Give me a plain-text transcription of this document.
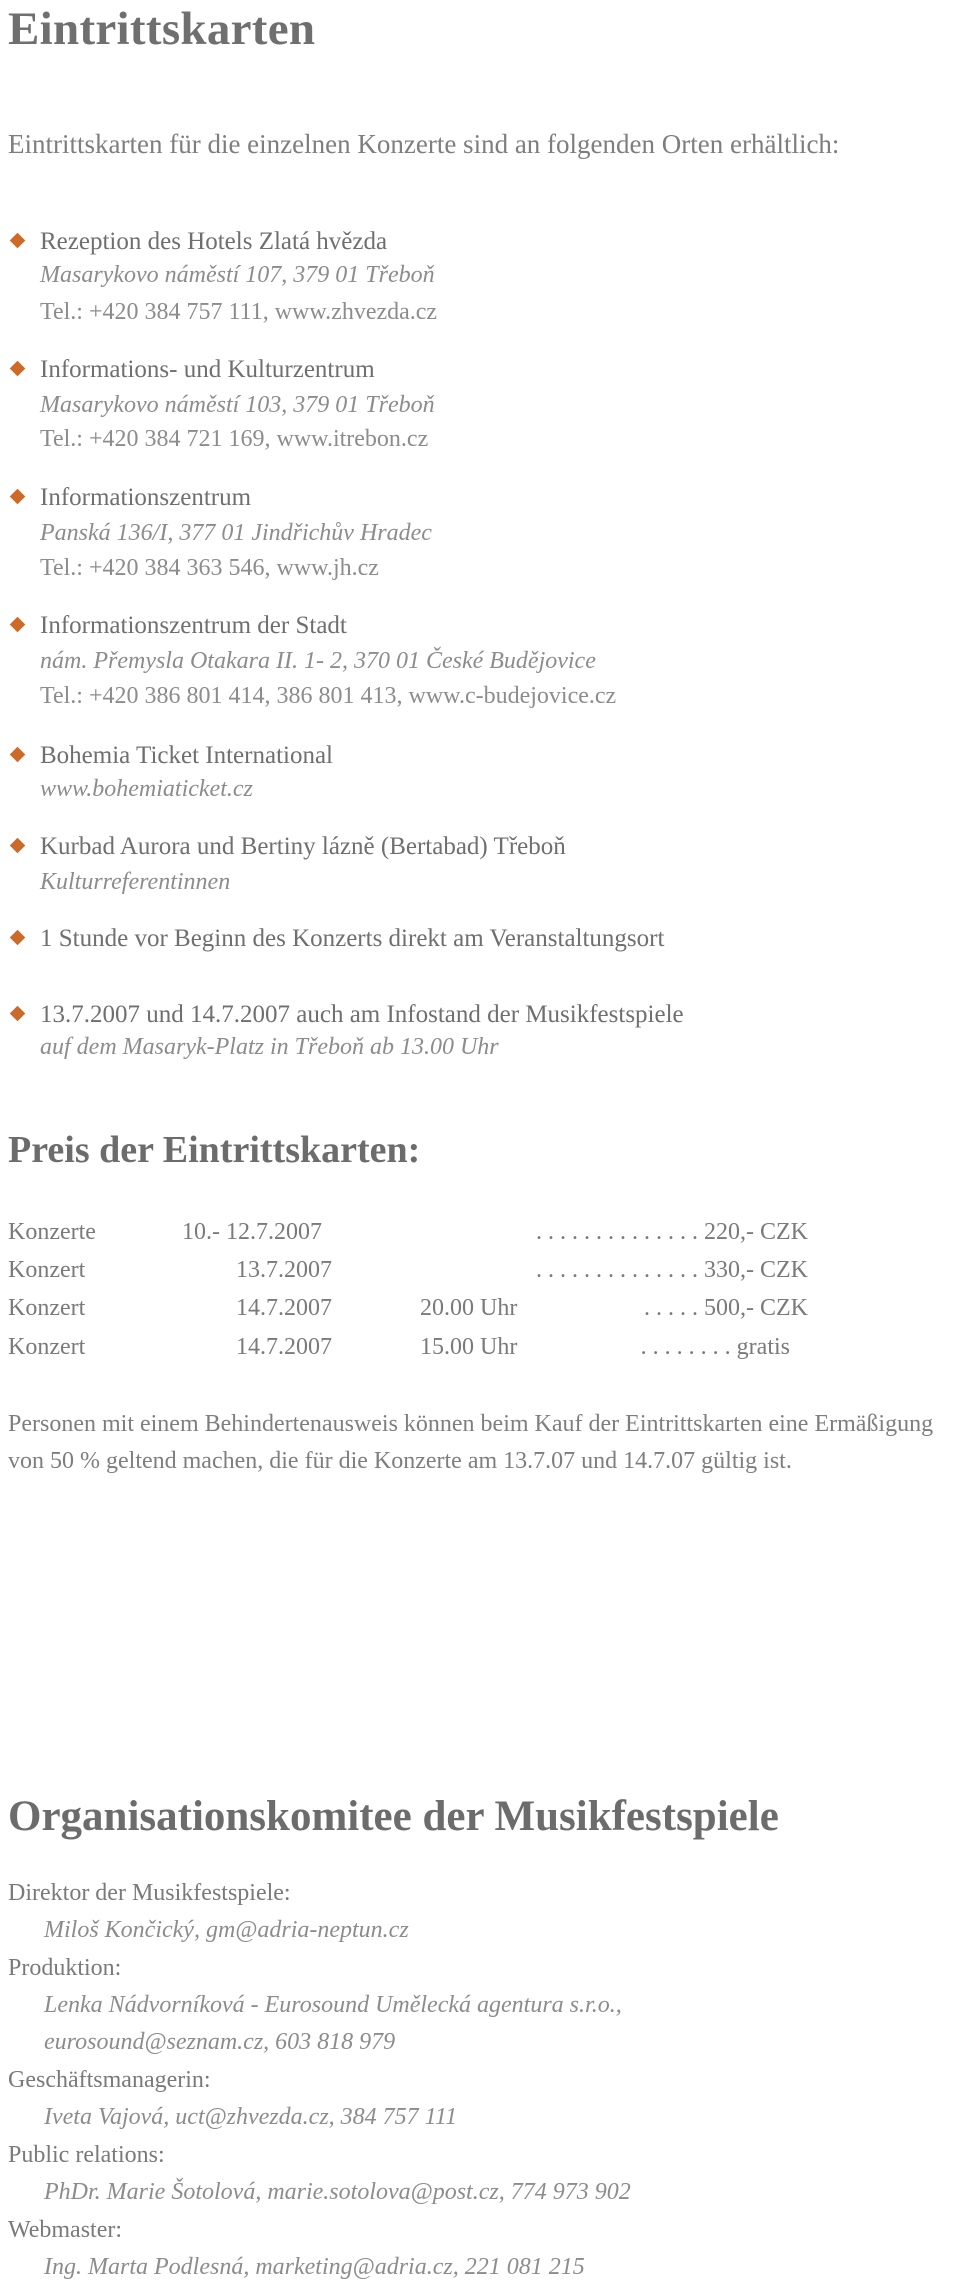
Eintrittskarten
Eintrittskarten für die einzelnen Konzerte sind an folgenden Orten erhältlich:
Rezeption des Hotels Zlatá hvězda
Masarykovo náměstí 107, 379 01 Třeboň
Tel.: +420 384 757 111, www.zhvezda.cz
Informations- und Kulturzentrum
Masarykovo náměstí 103, 379 01 Třeboň
Tel.: +420 384 721 169, www.itrebon.cz
Informationszentrum
Panská 136/I, 377 01 Jindřichův Hradec
Tel.: +420 384 363 546, www.jh.cz
Informationszentrum der Stadt
nám. Přemysla Otakara II. 1- 2, 370 01 České Budějovice
Tel.: +420 386 801 414, 386 801 413, www.c-budejovice.cz
Bohemia Ticket International
www.bohemiaticket.cz
Kurbad Aurora und Bertiny lázně (Bertabad) Třeboň
Kulturreferentinnen
1 Stunde vor Beginn des Konzerts direkt am Veranstaltungsort
13.7.2007 und 14.7.2007 auch am Infostand der Musikfestspiele
auf dem Masaryk-Platz in Třeboň ab 13.00 Uhr
Preis der Eintrittskarten:
Konzerte	10.- 12.7.2007	. . . . . . . . . . . . . . 220,- CZK
Konzert	13.7.2007	. . . . . . . . . . . . . . 330,- CZK
Konzert	14.7.2007	20.00 Uhr	. . . . . 500,- CZK
Konzert	14.7.2007	15.00 Uhr	. . . . . . . . gratis
Personen mit einem Behindertenausweis können beim Kauf der Eintrittskarten eine Ermäßigung von 50 % geltend machen, die für die Konzerte am 13.7.07 und 14.7.07 gültig ist.
Organisationskomitee der Musikfestspiele
Direktor der Musikfestspiele:
Miloš Končický, gm@adria-neptun.cz
Produktion:
Lenka Nádvorníková - Eurosound Umělecká agentura s.r.o.,
eurosound@seznam.cz, 603 818 979
Geschäftsmanagerin:
Iveta Vajová, uct@zhvezda.cz, 384 757 111
Public relations:
PhDr. Marie Šotolová, marie.sotolova@post.cz, 774 973 902
Webmaster:
Ing. Marta Podlesná, marketing@adria.cz, 221 081 215
